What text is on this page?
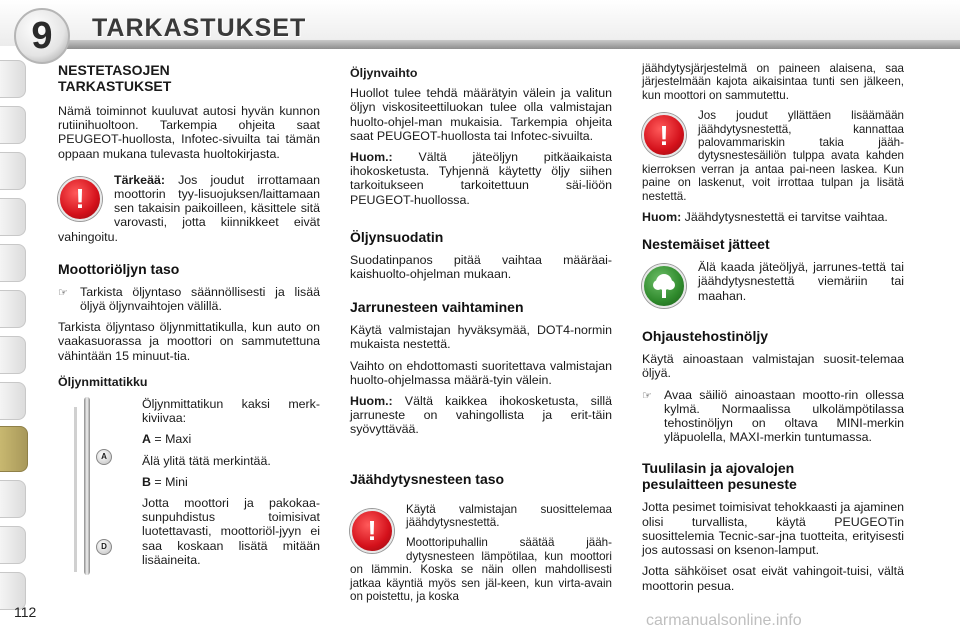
9	TARKASTUKSET
112
NESTETASOJEN
TARKASTUKSET

Nämä toiminnot kuuluvat autosi hyvän kunnon rutiinihuoltoon. Tarkempia ohjeita saat PEUGEOT-huollosta, Infotec-sivuilta tai tämän oppaan mukana tulevasta huoltokirjasta.

!

Tärkeää: Jos joudut irrottamaan moottorin tyy-lisuojuksen/laittamaan sen takaisin paikoilleen, käsittele sitä varovasti, jotta kiinnikkeet eivät vahingoitu.

Moottoriöljyn taso
☞ Tarkista öljyntaso säännöllisesti ja lisää öljyä öljynvaihtojen välillä.

Tarkista öljyntaso öljynmittatikulla, kun auto on vaakasuorassa ja moottori on sammutettuna vähintään 15 minuut-tia.

Öljynmittatikku
A
D

Öljynmittatikun kaksi merk-kiviivaa:

A = Maxi

Älä ylitä tätä merkintää.

B = Mini

Jotta moottori ja pakokaa-sunpuhdistus toimisivat luotettavasti, moottoriöl-jyyn ei saa koskaan lisätä mitään lisäaineita.

Öljynvaihto

Huollot tulee tehdä määrätyin välein ja valitun öljyn viskositeettiluokan tulee olla valmistajan huolto-ohjel-man mukaisia. Tarkempia ohjeita saat PEUGEOT-huollosta tai Infotec-sivuilta.

Huom.: Vältä jäteöljyn pitkäaikaista ihokosketusta. Tyhjennä käytetty öljy siihen tarkoitukseen tarkoitettuun säi-liöön PEUGEOT-huollossa.

Öljynsuodatin

Suodatinpanos pitää vaihtaa määräai-kaishuolto-ohjelman mukaan.

Jarrunesteen vaihtaminen

Käytä valmistajan hyväksymää, DOT4-normin mukaista nestettä.

Vaihto on ehdottomasti suoritettava valmistajan huolto-ohjelmassa määrä-tyin välein.

Huom.: Vältä kaikkea ihokosketusta, sillä jarruneste on vahingollista ja erit-täin syövyttävää.

Jäähdytysnesteen taso
!

Käytä valmistajan suosittelemaa jäähdytysnestettä.

Moottoripuhallin säätää jääh-dytysnesteen lämpötilaa, kun moottori on lämmin. Koska se näin ollen mahdollisesti jatkaa käyntiä myös sen jäl-keen, kun virta-avain on poistettu, ja koska

jäähdytysjärjestelmä on paineen alaisena, saa järjestelmään kajota aikaisintaa tunti sen jälkeen, kun moottori on sammutettu.

!

Jos joudut yllättäen lisäämään jäähdytysnestettä, kannattaa palovammariskin takia jääh-dytysnestesäiliön tulppa avata kahden kierroksen verran ja antaa pai-neen laskea. Kun paine on laskenut, voit irrottaa tulpan ja lisätä nestettä.

Huom: Jäähdytysnestettä ei tarvitse vaihtaa.

Nestemäiset jätteet

Älä kaada jäteöljyä, jarrunes-tettä tai jäähdytysnestettä viemäriin tai maahan.

Ohjaustehostinöljy

Käytä ainoastaan valmistajan suosit-telemaa öljyä.

☞ Avaa säiliö ainoastaan mootto-rin ollessa kylmä. Normaalissa ulkolämpötilassa tehostinöljyn on oltava MINI-merkin yläpuolella, MAXI-merkin tuntumassa.
Tuulilasin ja ajovalojen
pesulaitteen pesuneste

Jotta pesimet toimisivat tehokkaasti ja ajaminen olisi turvallista, käytä PEUGEOTin suosittelemia Tecnic-sar-jna tuotteita, erityisesti jos autossasi on ksenon-lamput.

Jotta sähköiset osat eivät vahingoit-tuisi, vältä moottorin pesua.

carmanualsonline.info
